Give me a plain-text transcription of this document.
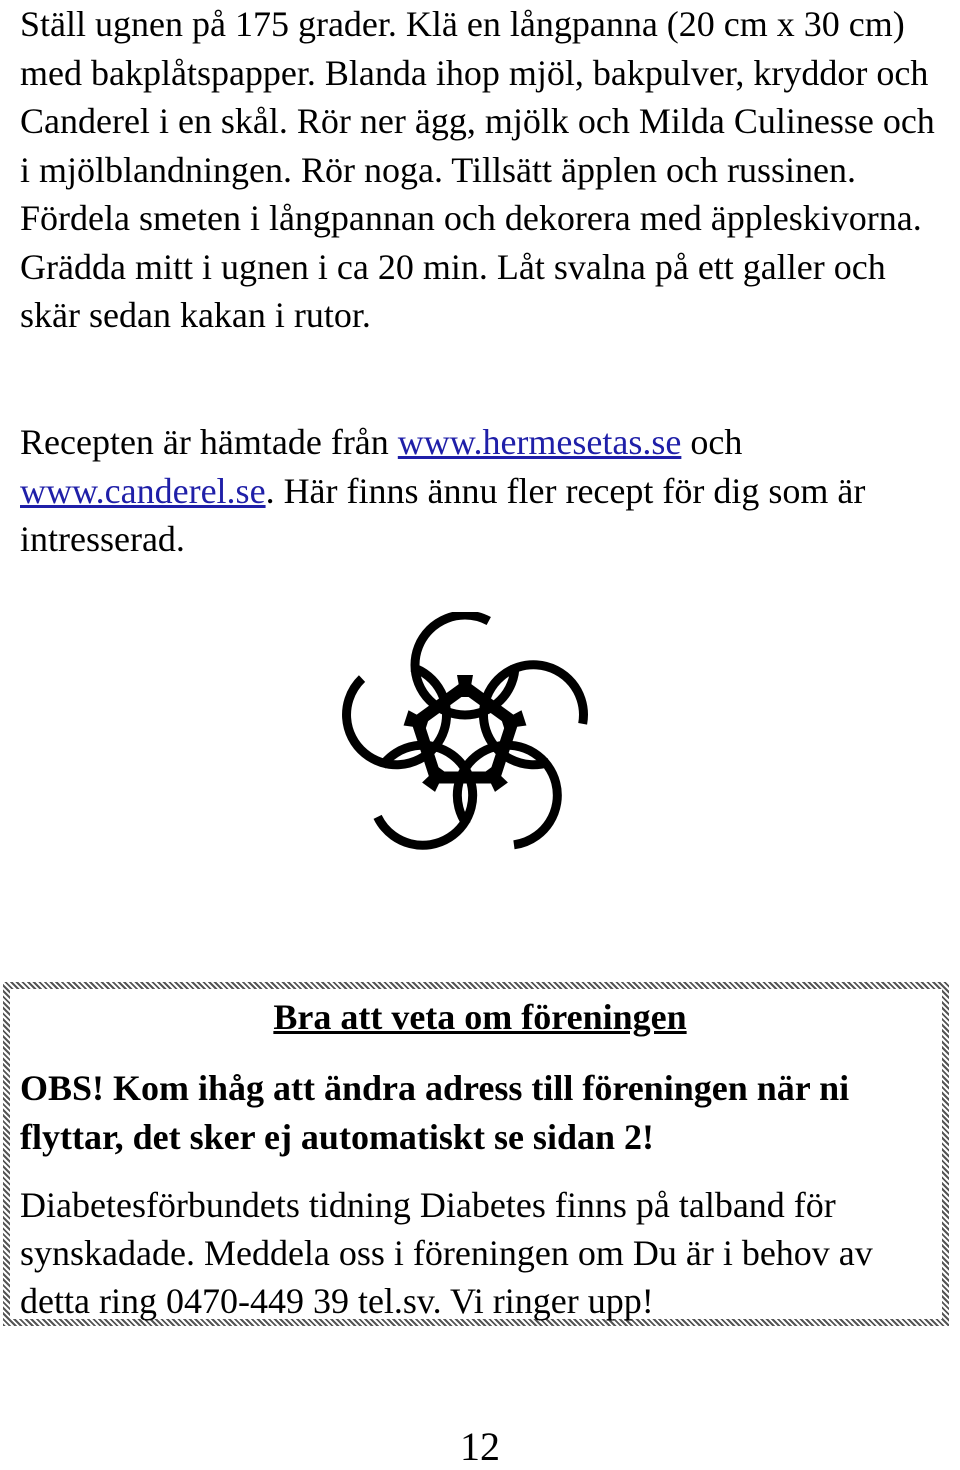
Ställ ugnen på 175 grader. Klä en långpanna (20 cm x 30 cm) med bakplåtspapper. Blanda ihop mjöl, bakpulver, kryddor och Canderel i en skål. Rör ner ägg, mjölk och Milda Culinesse och i mjölblandningen. Rör noga. Tillsätt äpplen och russinen. Fördela smeten i långpannan och dekorera med äppleskivorna. Grädda mitt i ugnen i ca 20 min. Låt svalna på ett galler och skär sedan kakan i rutor.

Recepten är hämtade från www.hermesetas.se och www.canderel.se. Här finns ännu fler recept för dig som är intresserad.

Bra att veta om föreningen

OBS! Kom ihåg att ändra adress till föreningen när ni flyttar, det sker ej automatiskt se sidan 2!

Diabetesförbundets tidning Diabetes finns på talband för synskadade. Meddela oss i föreningen om Du är i behov av detta ring 0470-449 39 tel.sv. Vi ringer upp!

12
